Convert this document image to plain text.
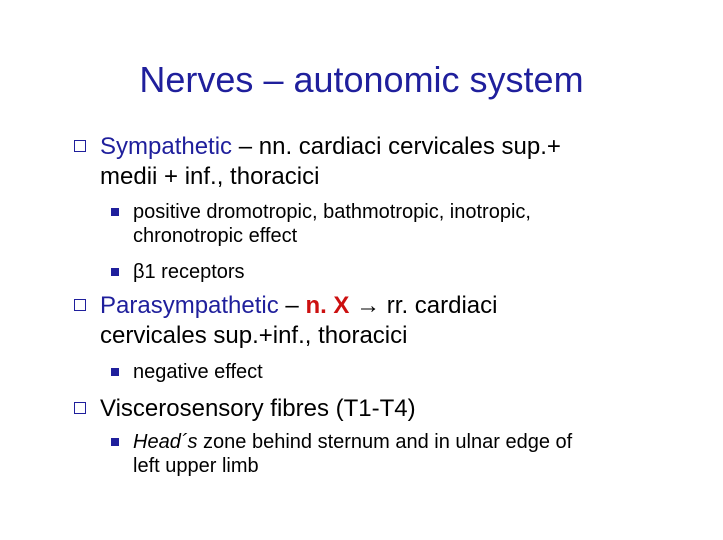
Nerves – autonomic system
Sympathetic – nn. cardiaci cervicales sup.+
medii + inf., thoracici
positive dromotropic, bathmotropic, inotropic,
chronotropic effect
β1 receptors
Parasympathetic – n. X → rr. cardiaci
cervicales sup.+inf., thoracici
negative effect
Viscerosensory fibres (T1-T4)
Head´s zone behind sternum and in ulnar edge of
left upper limb
